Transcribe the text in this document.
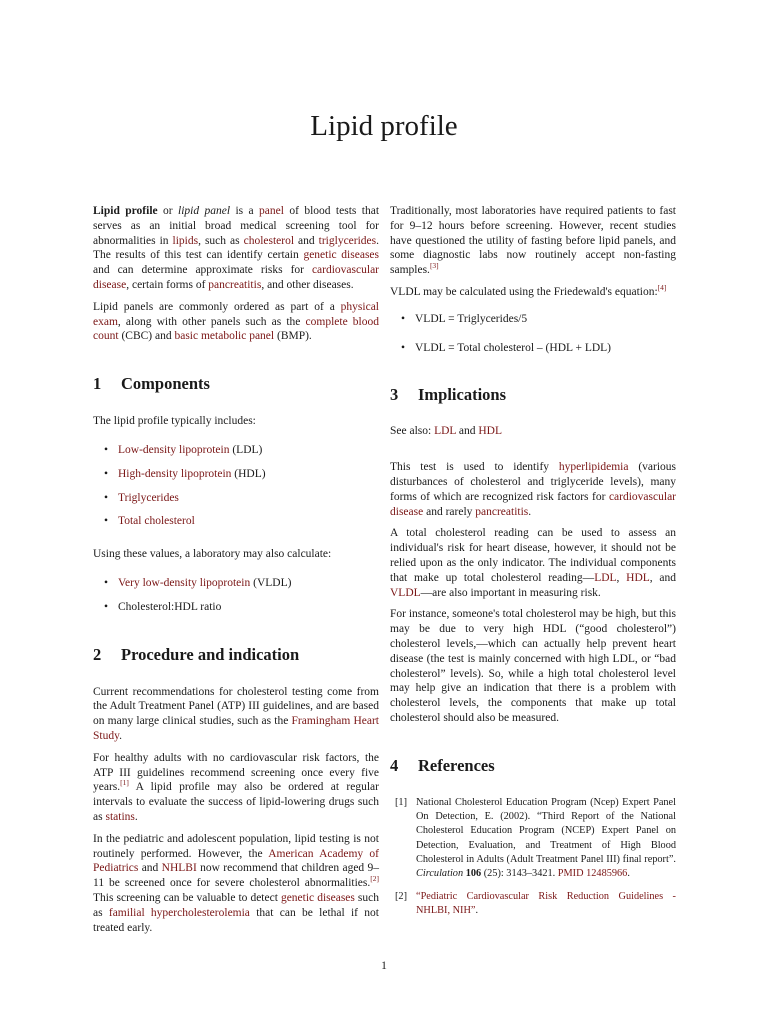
Lipid profile

Lipid profile or lipid panel is a panel of blood tests that serves as an initial broad medical screening tool for abnormalities in lipids, such as cholesterol and triglycerides. The results of this test can identify certain genetic diseases and can determine approximate risks for cardiovascular disease, certain forms of pancreatitis, and other diseases.

Lipid panels are commonly ordered as part of a physical exam, along with other panels such as the complete blood count (CBC) and basic metabolic panel (BMP).

1 Components

The lipid profile typically includes:

• Low-density lipoprotein (LDL)
• High-density lipoprotein (HDL)
• Triglycerides
• Total cholesterol

Using these values, a laboratory may also calculate:

• Very low-density lipoprotein (VLDL)
• Cholesterol:HDL ratio
2 Procedure and indication

Current recommendations for cholesterol testing come from the Adult Treatment Panel (ATP) III guidelines, and are based on many large clinical studies, such as the Framingham Heart Study.

For healthy adults with no cardiovascular risk factors, the ATP III guidelines recommend screening once every five years.[1] A lipid profile may also be ordered at regular intervals to evaluate the success of lipid-lowering drugs such as statins.

In the pediatric and adolescent population, lipid testing is not routinely performed. However, the American Academy of Pediatrics and NHLBI now recommend that children aged 9–11 be screened once for severe cholesterol abnormalities.[2] This screening can be valuable to detect genetic diseases such as familial hypercholesterolemia that can be lethal if not treated early.

Traditionally, most laboratories have required patients to fast for 9–12 hours before screening. However, recent studies have questioned the utility of fasting before lipid panels, and some diagnostic labs now routinely accept non-fasting samples.[3]

VLDL may be calculated using the Friedewald's equation:[4]

• VLDL = Triglycerides/5
• VLDL = Total cholesterol – (HDL + LDL)
3 Implications

See also: LDL and HDL

This test is used to identify hyperlipidemia (various disturbances of cholesterol and triglyceride levels), many forms of which are recognized risk factors for cardiovascular disease and rarely pancreatitis.

A total cholesterol reading can be used to assess an individual's risk for heart disease, however, it should not be relied upon as the only indicator. The individual components that make up total cholesterol reading—LDL, HDL, and VLDL—are also important in measuring risk.

For instance, someone's total cholesterol may be high, but this may be due to very high HDL (“good cholesterol”) cholesterol levels,—which can actually help prevent heart disease (the test is mainly concerned with high LDL, or “bad cholesterol” levels). So, while a high total cholesterol level may help give an indication that there is a problem with cholesterol levels, the components that make up total cholesterol should also be measured.

4 References
[1] National Cholesterol Education Program (Ncep) Expert Panel On Detection, E. (2002). “Third Report of the National Cholesterol Education Program (NCEP) Expert Panel on Detection, Evaluation, and Treatment of High Blood Cholesterol in Adults (Adult Treatment Panel III) final report”. Circulation 106 (25): 3143–3421. PMID 12485966.
[2] “Pediatric Cardiovascular Risk Reduction Guidelines - NHLBI, NIH”.
1
